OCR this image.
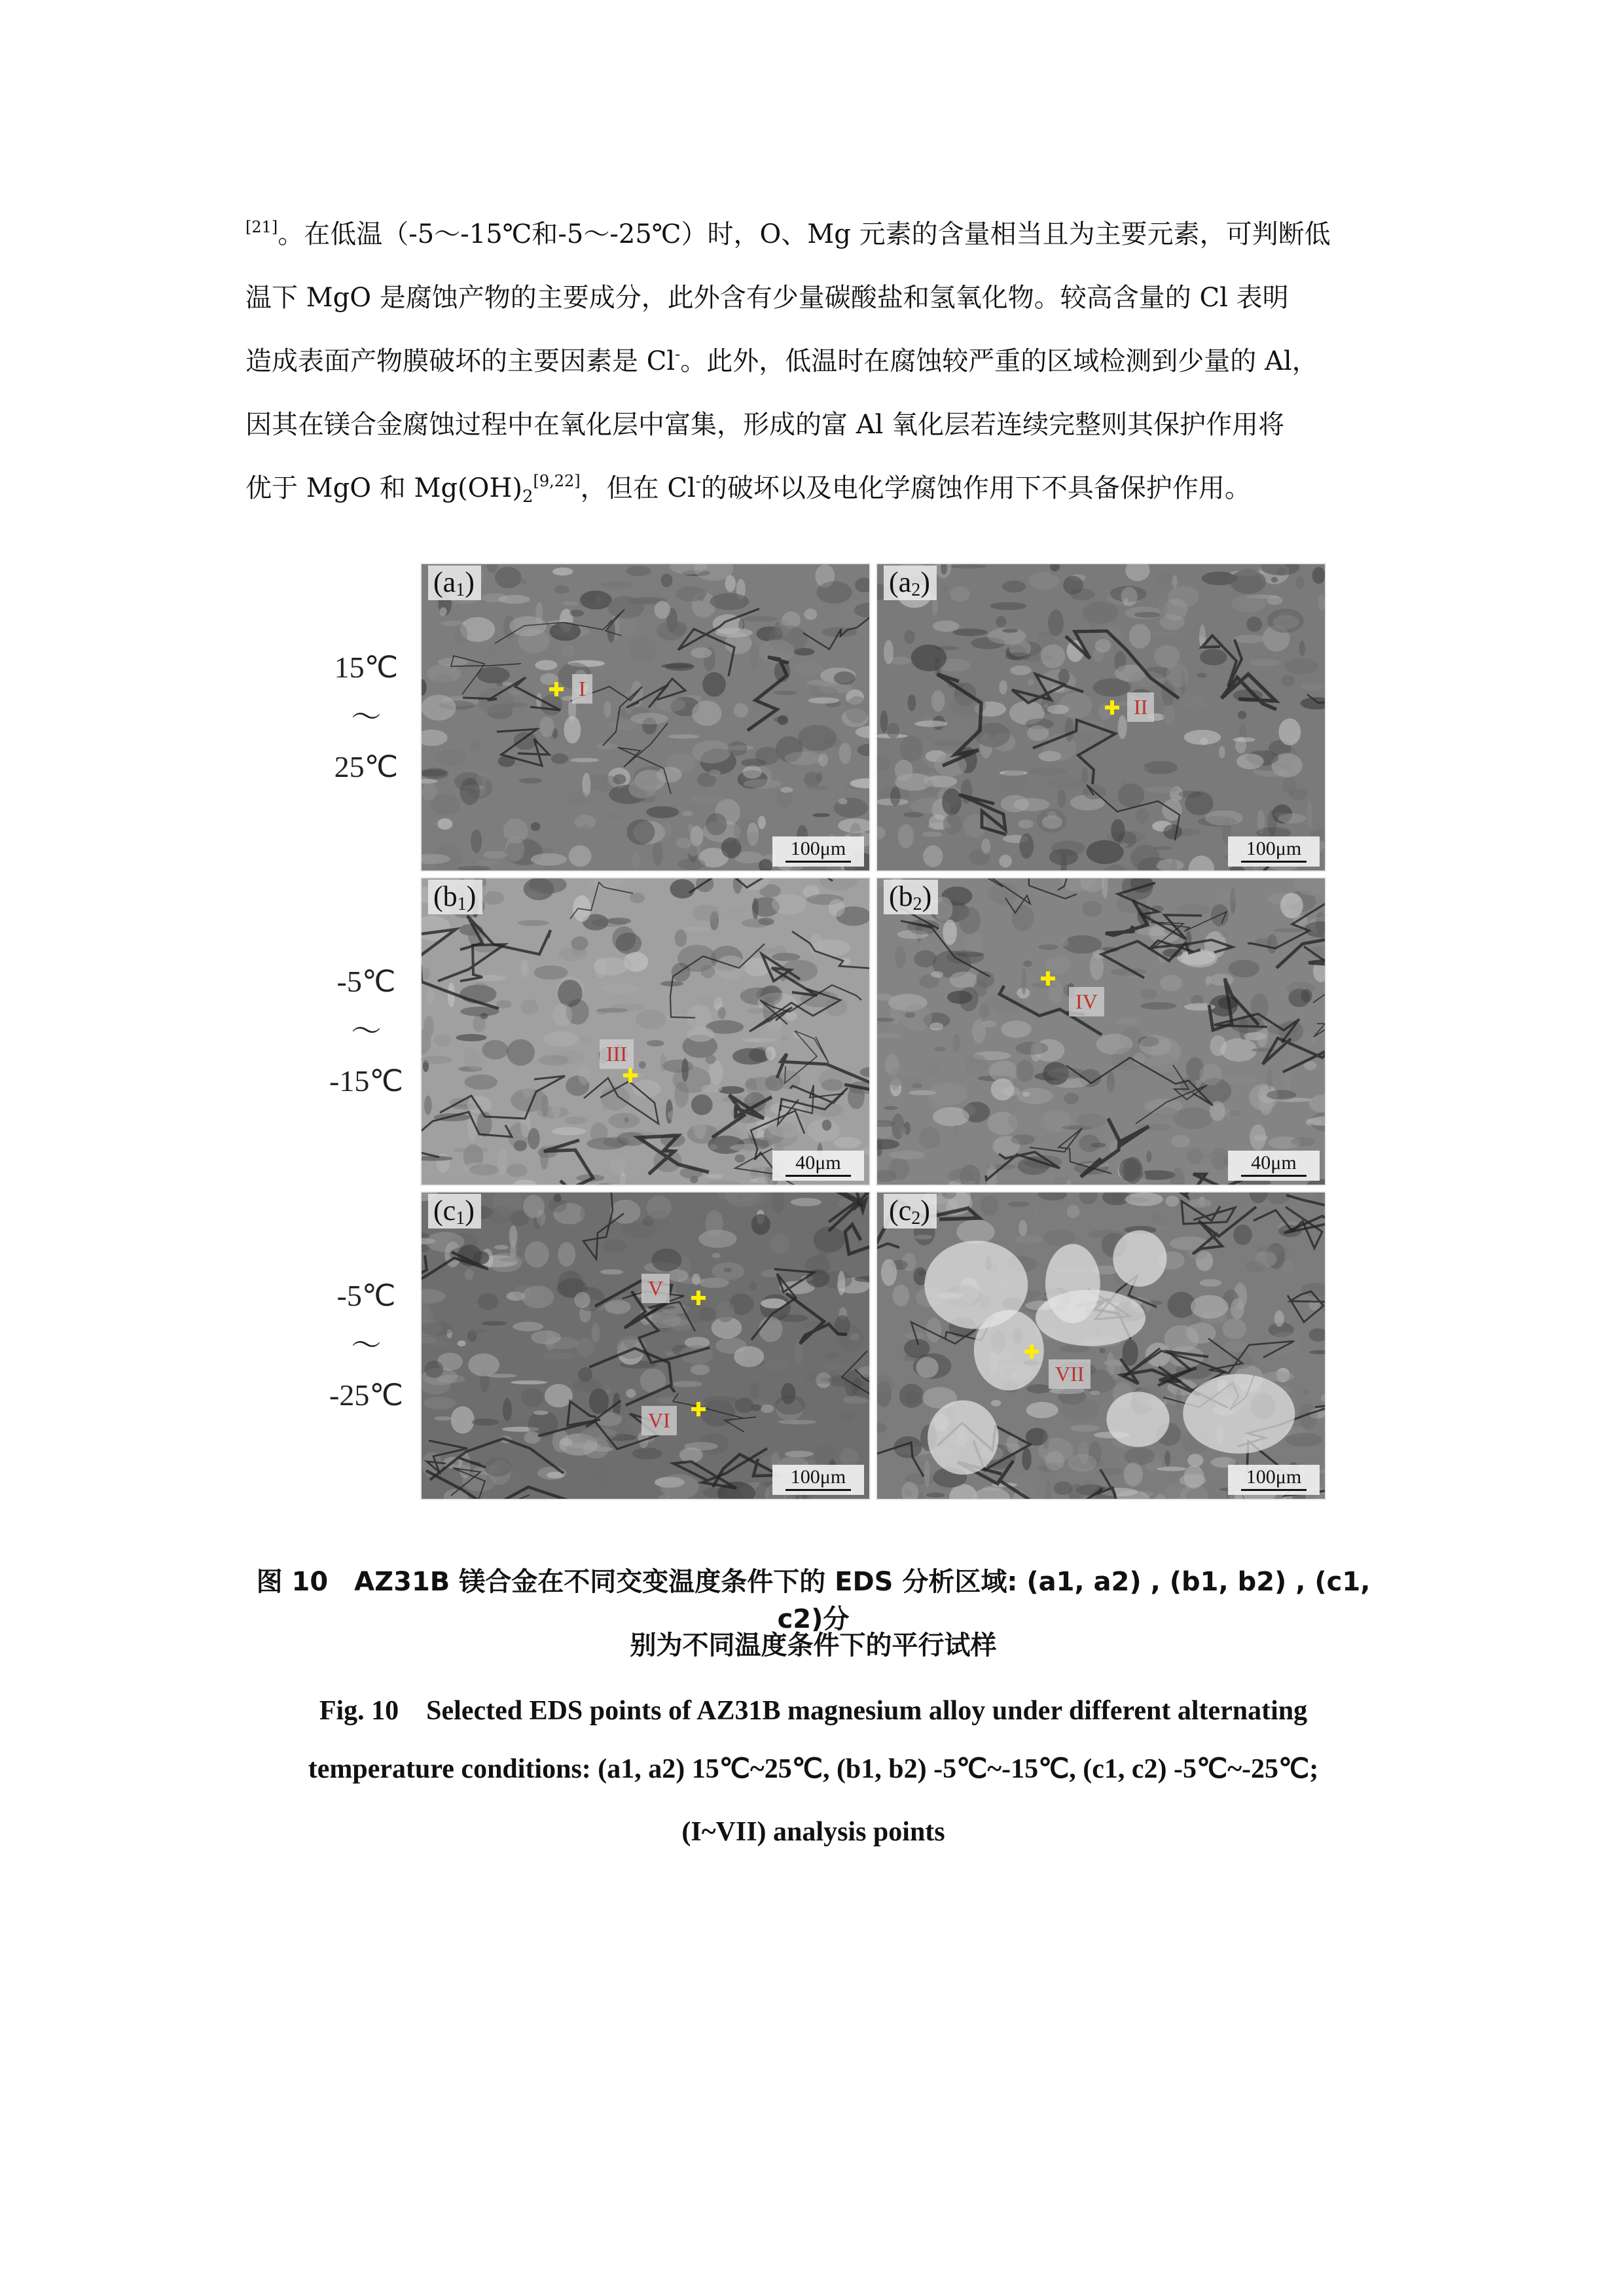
[21]。在低温（-5～-15℃和-5～-25℃）时，O、Mg 元素的含量相当且为主要元素，可判断低
温下 MgO 是腐蚀产物的主要成分，此外含有少量碳酸盐和氢氧化物。较高含量的 Cl 表明
造成表面产物膜破坏的主要因素是 Cl-。此外，低温时在腐蚀较严重的区域检测到少量的 Al，
因其在镁合金腐蚀过程中在氧化层中富集，形成的富 Al 氧化层若连续完整则其保护作用将
优于 MgO 和 $Mg(OH)_2[9,22]$，但在 Cl-的破坏以及电化学腐蚀作用下不具备保护作用。
15℃
～
25℃
-5℃
～
-15℃
-5℃
～
-25℃
$(a_1)$
100μm
I
$(a_2)$
100μm
II
$(b_1)$
40μm
III
$(b_2)$
40μm
IV
$(c_1)$
100μm
V
VI
$(c_2)$
100μm
VII
图 10　AZ31B 镁合金在不同交变温度条件下的 EDS 分析区域: (a1, a2) , (b1, b2) , (c1, c2)分
别为不同温度条件下的平行试样
Fig. 10　Selected EDS points of AZ31B magnesium alloy under different alternating
temperature conditions: (a1, a2) 15℃~25℃, (b1, b2) -5℃~-15℃, (c1, c2) -5℃~-25℃;
(I~VII) analysis points
